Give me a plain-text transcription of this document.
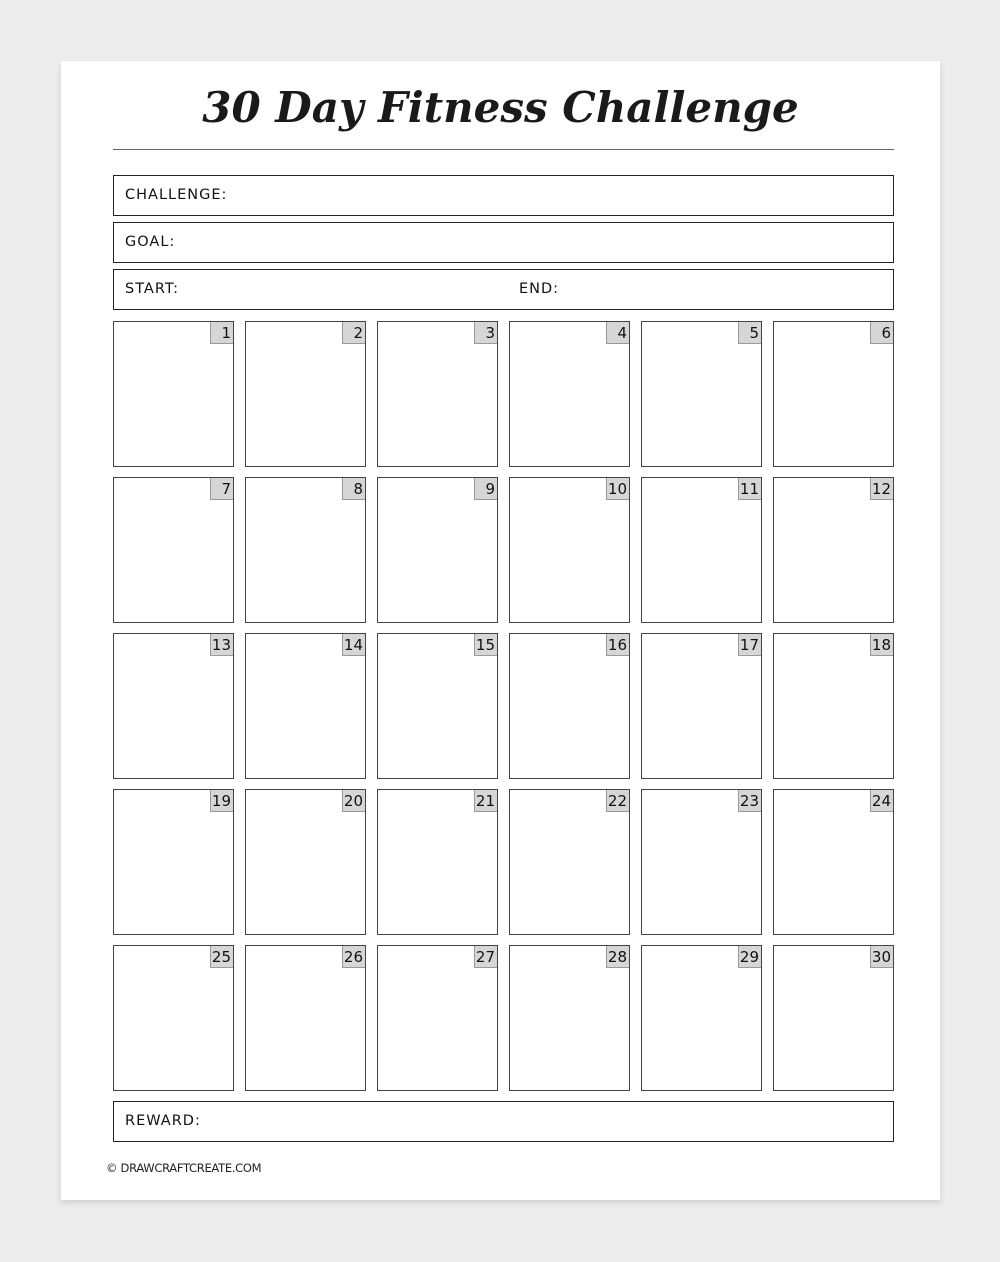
30 Day Fitness Challenge
CHALLENGE:
GOAL:
START:	END:
1	2	3	4	5	6
7	8	9	10	11	12
13	14	15	16	17	18
19	20	21	22	23	24
25	26	27	28	29	30
REWARD:
© DRAWCRAFTCREATE.COM
